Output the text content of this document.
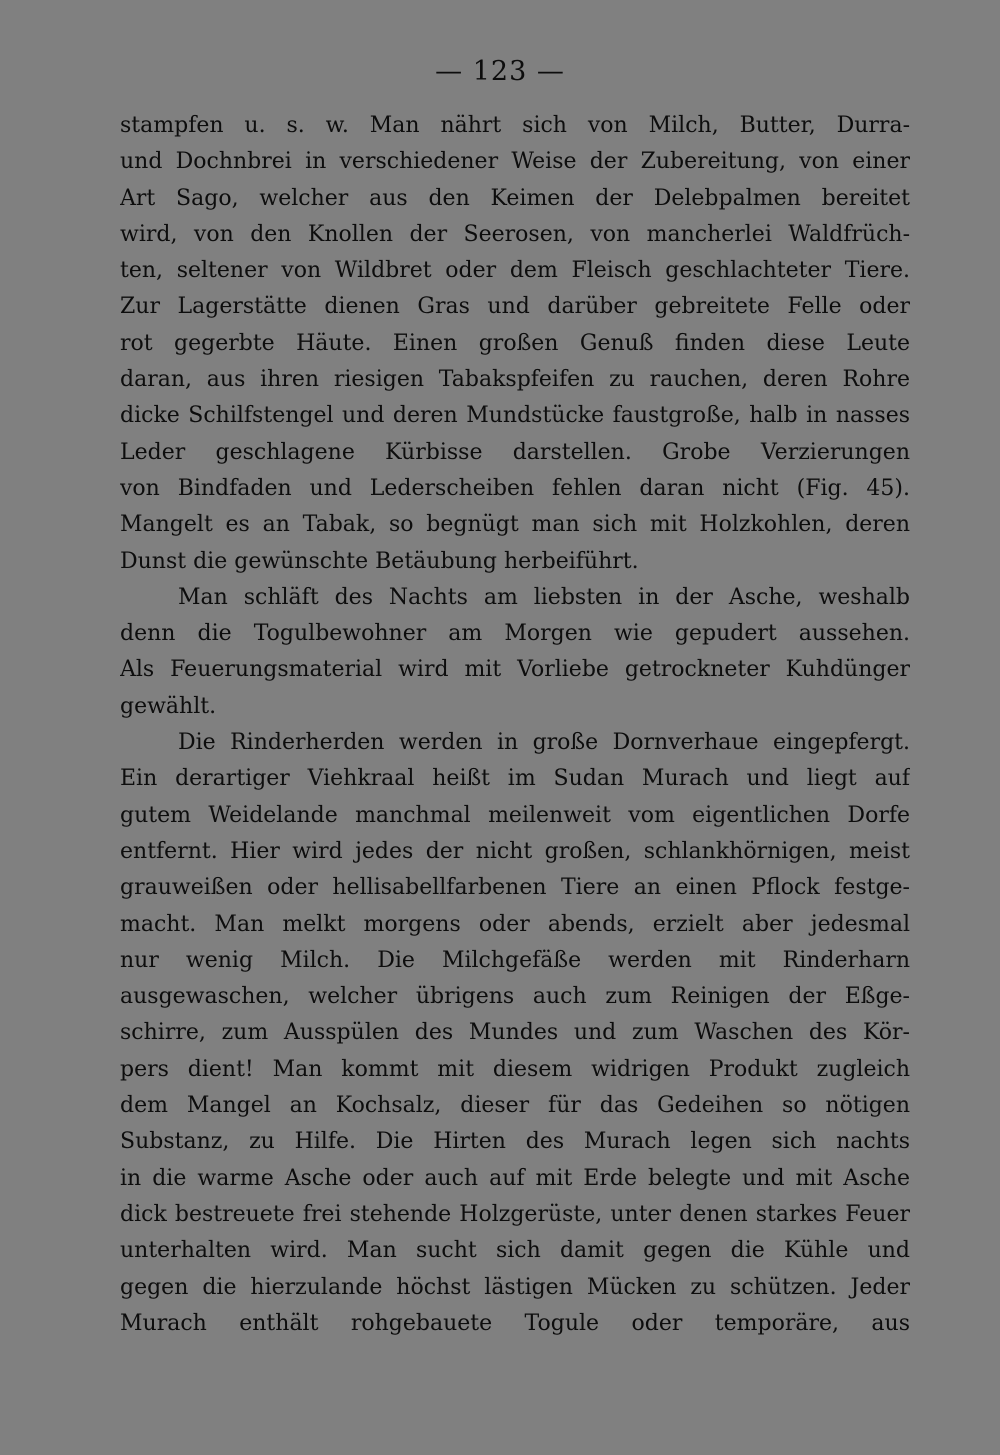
— 123 —
stampfen u. s. w. Man nährt sich von Milch, Butter, Durra-
und Dochnbrei in verschiedener Weise der Zubereitung, von einer
Art Sago, welcher aus den Keimen der Delebpalmen bereitet
wird, von den Knollen der Seerosen, von mancherlei Waldfrüch-
ten, seltener von Wildbret oder dem Fleisch geschlachteter Tiere.
Zur Lagerstätte dienen Gras und darüber gebreitete Felle oder
rot gegerbte Häute. Einen großen Genuß finden diese Leute
daran, aus ihren riesigen Tabakspfeifen zu rauchen, deren Rohre
dicke Schilfstengel und deren Mundstücke faustgroße, halb in nasses
Leder geschlagene Kürbisse darstellen. Grobe Verzierungen
von Bindfaden und Lederscheiben fehlen daran nicht (Fig. 45).
Mangelt es an Tabak, so begnügt man sich mit Holzkohlen, deren
Dunst die gewünschte Betäubung herbeiführt.
Man schläft des Nachts am liebsten in der Asche, weshalb
denn die Togulbewohner am Morgen wie gepudert aussehen.
Als Feuerungsmaterial wird mit Vorliebe getrockneter Kuhdünger
gewählt.
Die Rinderherden werden in große Dornverhaue eingepfergt.
Ein derartiger Viehkraal heißt im Sudan Murach und liegt auf
gutem Weidelande manchmal meilenweit vom eigentlichen Dorfe
entfernt. Hier wird jedes der nicht großen, schlankhörnigen, meist
grauweißen oder hellisabellfarbenen Tiere an einen Pflock festge-
macht. Man melkt morgens oder abends, erzielt aber jedesmal
nur wenig Milch. Die Milchgefäße werden mit Rinderharn
ausgewaschen, welcher übrigens auch zum Reinigen der Eßge-
schirre, zum Ausspülen des Mundes und zum Waschen des Kör-
pers dient! Man kommt mit diesem widrigen Produkt zugleich
dem Mangel an Kochsalz, dieser für das Gedeihen so nötigen
Substanz, zu Hilfe. Die Hirten des Murach legen sich nachts
in die warme Asche oder auch auf mit Erde belegte und mit Asche
dick bestreuete frei stehende Holzgerüste, unter denen starkes Feuer
unterhalten wird. Man sucht sich damit gegen die Kühle und
gegen die hierzulande höchst lästigen Mücken zu schützen. Jeder
Murach enthält rohgebauete Togule oder temporäre, aus
